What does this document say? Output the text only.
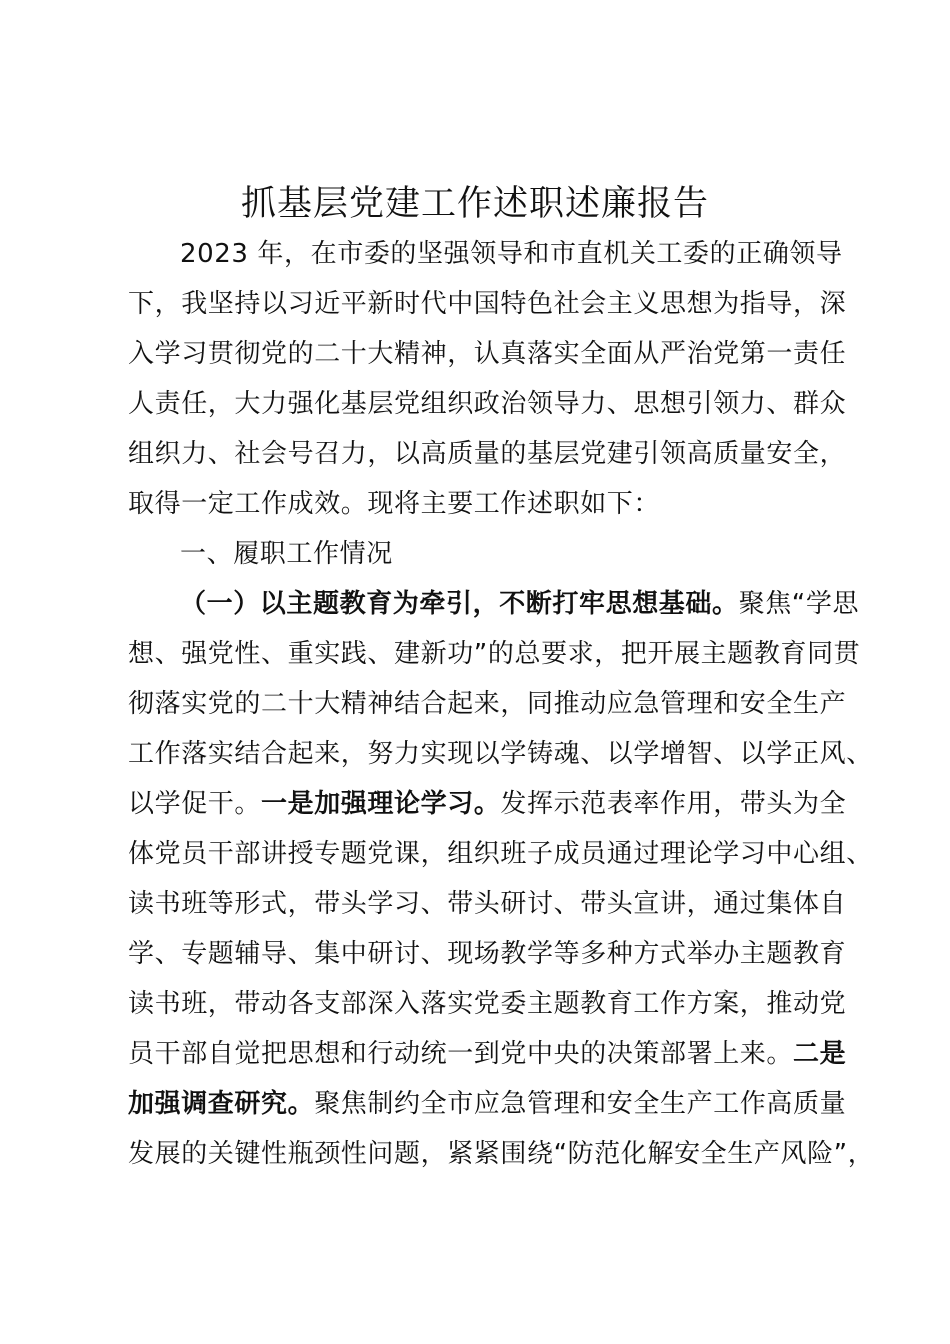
抓基层党建工作述职述廉报告
2023 年，在市委的坚强领导和市直机关工委的正确领导
下，我坚持以习近平新时代中国特色社会主义思想为指导，深
入学习贯彻党的二十大精神，认真落实全面从严治党第一责任
人责任，大力强化基层党组织政治领导力、思想引领力、群众
组织力、社会号召力，以高质量的基层党建引领高质量安全，
取得一定工作成效。现将主要工作述职如下：
一、履职工作情况
（一）以主题教育为牵引，不断打牢思想基础。聚焦“学思
想、强党性、重实践、建新功”的总要求，把开展主题教育同贯
彻落实党的二十大精神结合起来，同推动应急管理和安全生产
工作落实结合起来，努力实现以学铸魂、以学增智、以学正风、
以学促干。一是加强理论学习。发挥示范表率作用，带头为全
体党员干部讲授专题党课，组织班子成员通过理论学习中心组、
读书班等形式，带头学习、带头研讨、带头宣讲，通过集体自
学、专题辅导、集中研讨、现场教学等多种方式举办主题教育
读书班，带动各支部深入落实党委主题教育工作方案，推动党
员干部自觉把思想和行动统一到党中央的决策部署上来。二是
加强调查研究。聚焦制约全市应急管理和安全生产工作高质量
发展的关键性瓶颈性问题，紧紧围绕“防范化解安全生产风险”，
